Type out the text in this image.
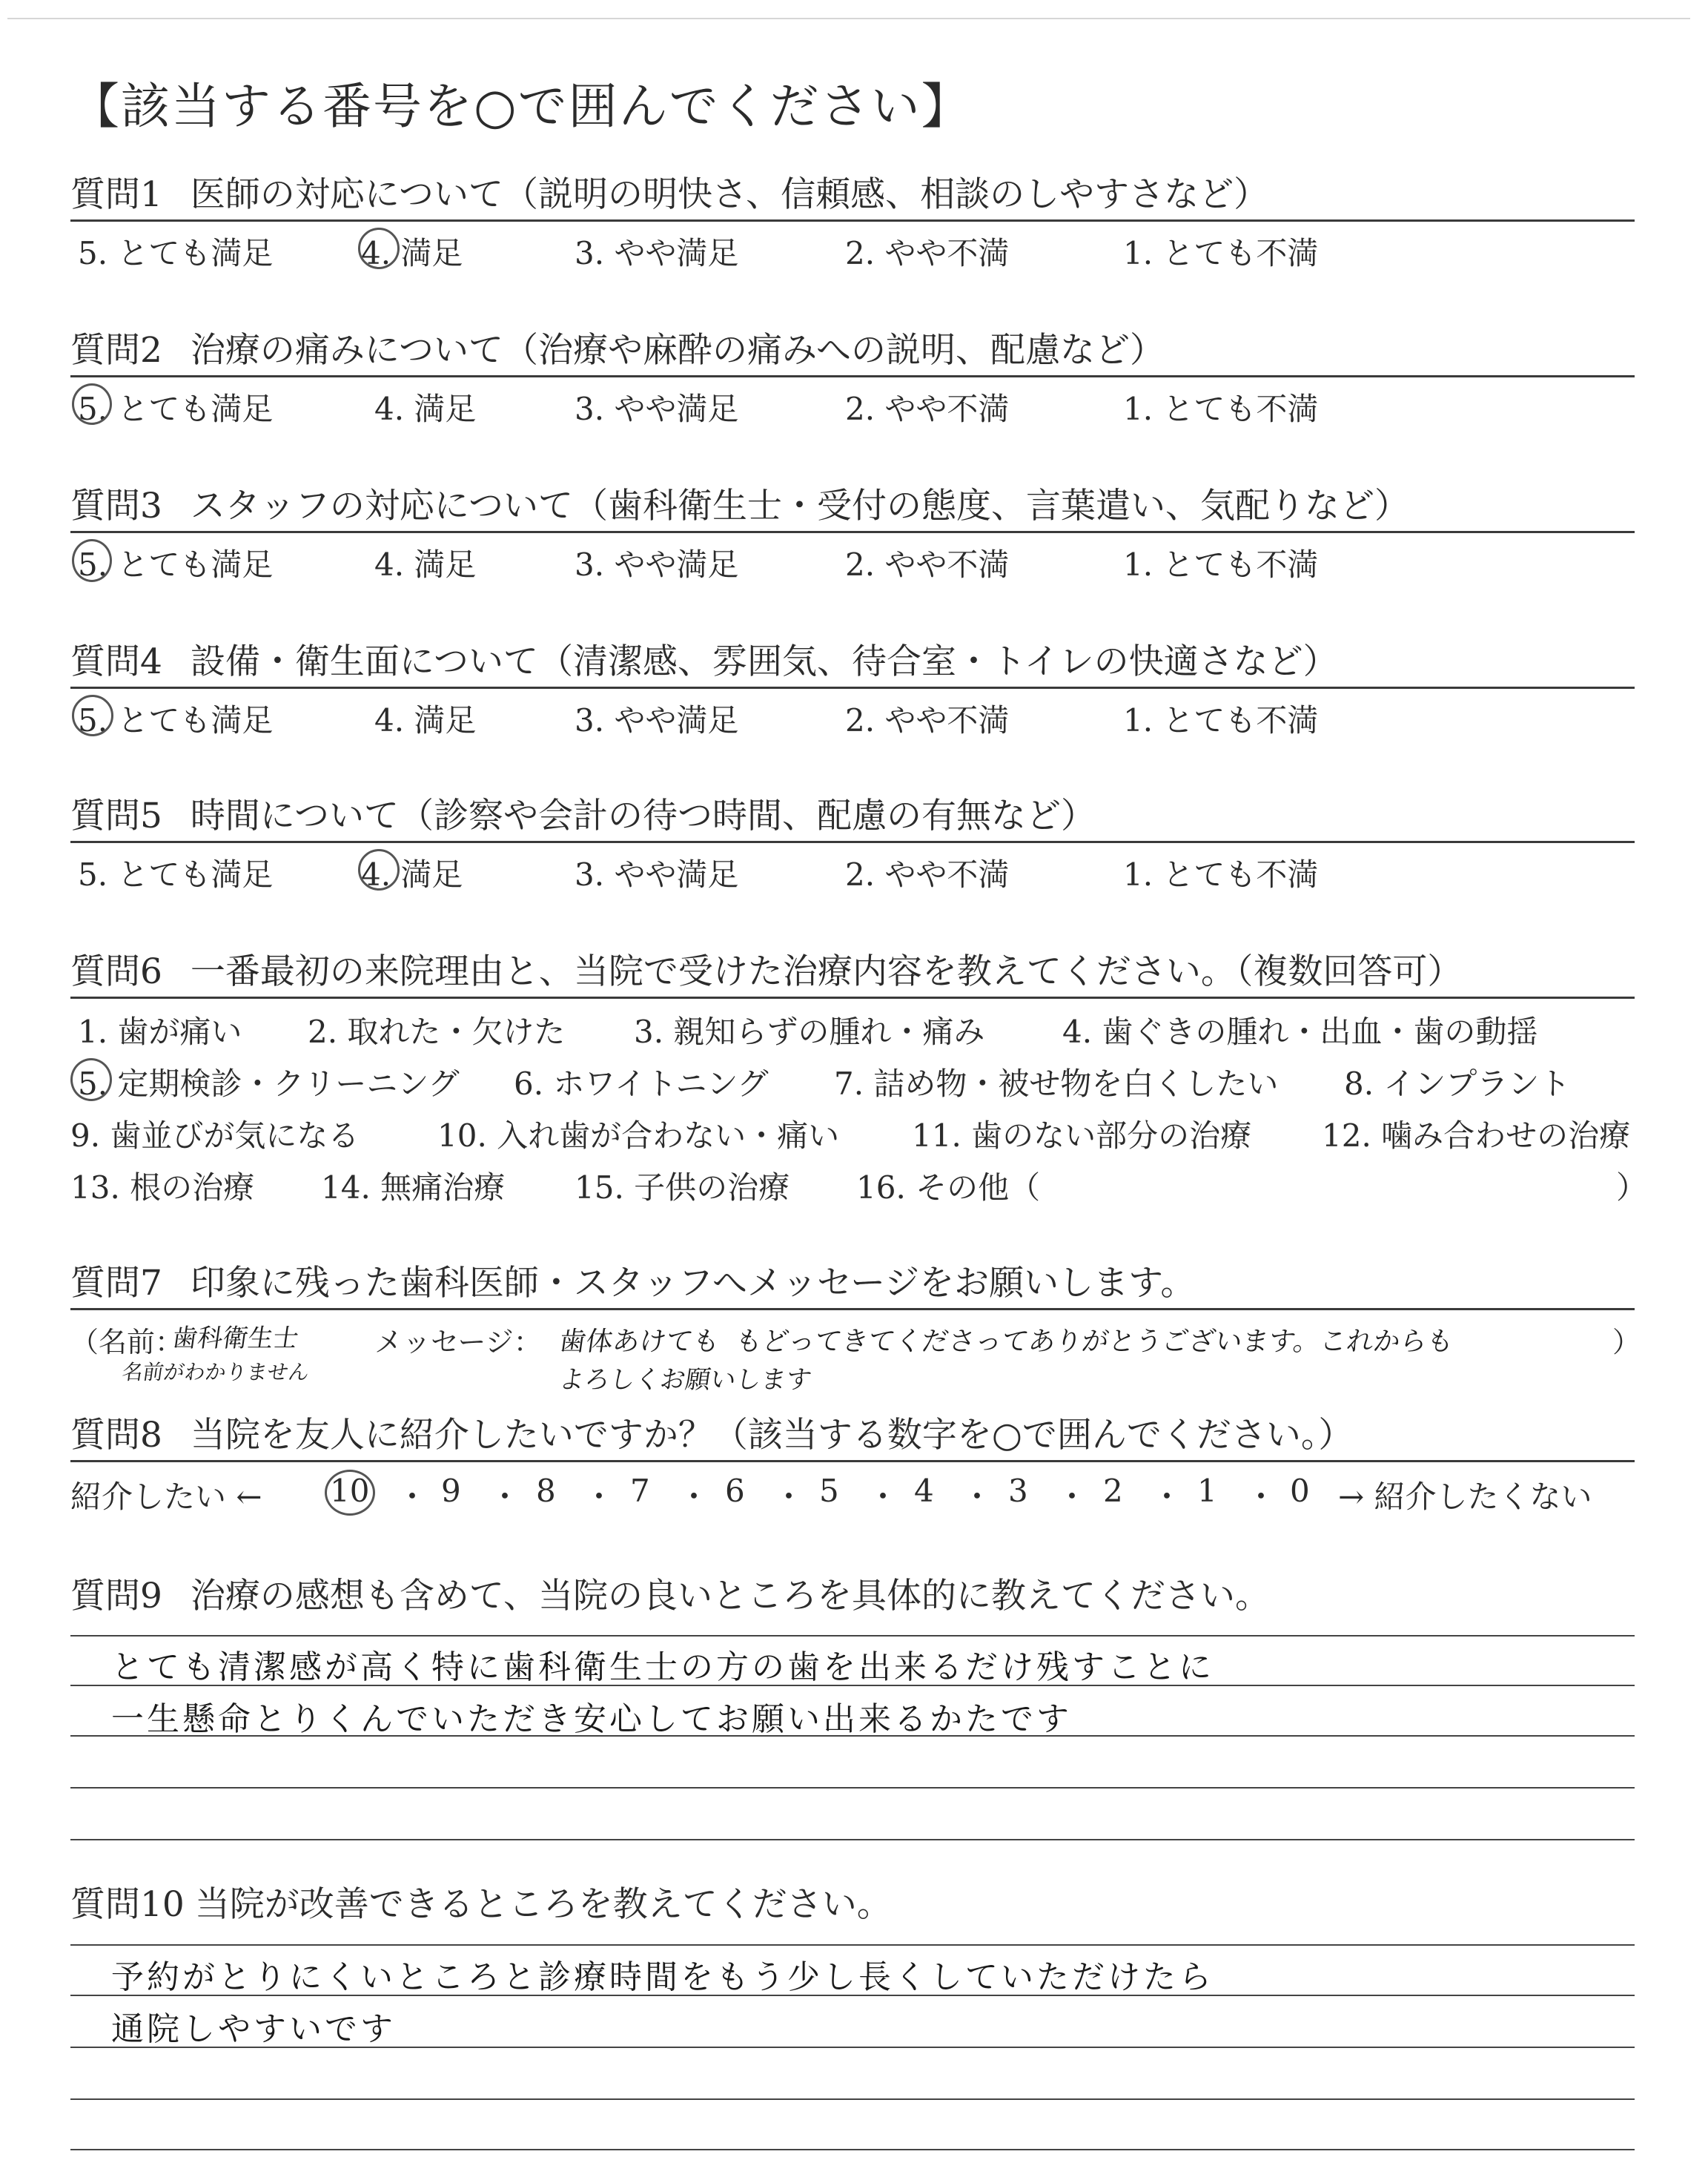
【該当する番号を○で囲んでください】
質問1 医師の対応について（説明の明快さ、信頼感、相談のしやすさなど）
5. とても満足	4. 満足	3. やや満足	2. やや不満	1. とても不満
質問2 治療の痛みについて（治療や麻酔の痛みへの説明、配慮など）
5. とても満足	4. 満足	3. やや満足	2. やや不満	1. とても不満
質問3 スタッフの対応について（歯科衛生士・受付の態度、言葉遣い、気配りなど）
5. とても満足	4. 満足	3. やや満足	2. やや不満	1. とても不満
質問4 設備・衛生面について（清潔感、雰囲気、待合室・トイレの快適さなど）
5. とても満足	4. 満足	3. やや満足	2. やや不満	1. とても不満
質問5 時間について（診察や会計の待つ時間、配慮の有無など）
5. とても満足	4. 満足	3. やや満足	2. やや不満	1. とても不満
質問6 一番最初の来院理由と、当院で受けた治療内容を教えてください。（複数回答可）
1. 歯が痛い 2. 取れた・欠けた 3. 親知らずの腫れ・痛み 4. 歯ぐきの腫れ・出血・歯の動揺
5. 定期検診・クリーニング 6. ホワイトニング 7. 詰め物・被せ物を白くしたい 8. インプラント
9. 歯並びが気になる	10. 入れ歯が合わない・痛い 11. 歯のない部分の治療 12. 噛み合わせの治療
13. 根の治療 14. 無痛治療 15. 子供の治療 16. その他（	）
質問7 印象に残った歯科医師・スタッフへメッセージをお願いします。
（名前：
歯科衛生士
名前がわかりません
メッセージ： 歯体あけても もどってきてくださってありがとうございます。これからも
よろしくお願いします
）
質問8 当院を友人に紹介したいですか？（該当する数字を○で囲んでください。）
紹介したい ← 10 ・ 9 ・ 8 ・ 7 ・ 6 ・ 5 ・ 4 ・ 3 ・ 2 ・ 1 ・ 0 → 紹介したくない
質問9 治療の感想も含めて、当院の良いところを具体的に教えてください。
とても清潔感が高く特に歯科衛生士の方の歯を出来るだけ残すことに
一生懸命とりくんでいただき安心してお願い出来るかたです
質問10 当院が改善できるところを教えてください。
予約がとりにくいところと診療時間をもう少し長くしていただけたら
通院しやすいです
